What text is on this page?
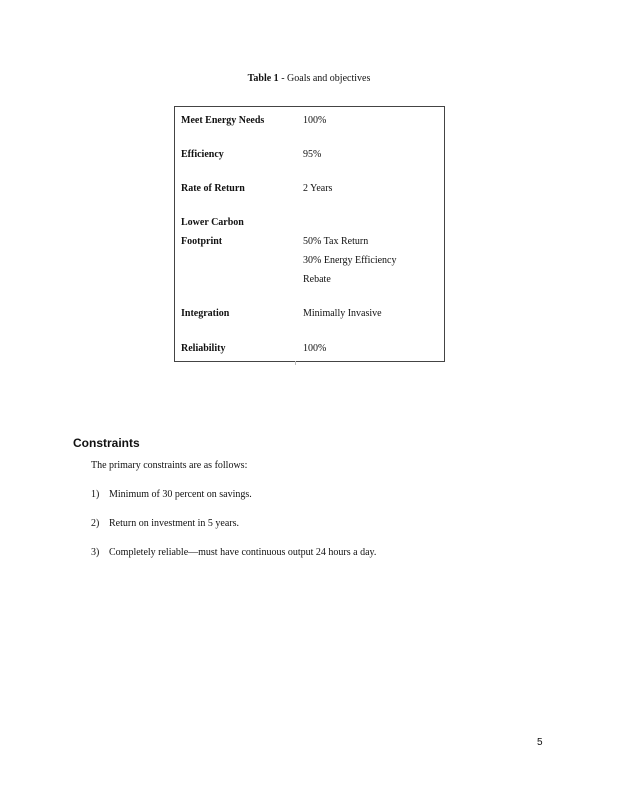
Table 1 - Goals and objectives
Meet Energy Needs	100%
Efficiency	95%
Rate of Return	2 Years
Lower Carbon
Footprint	50% Tax Return
30% Energy Efficiency
Rebate
Integration	Minimally Invasive
Reliability	100%
Constraints
The primary constraints are as follows:
1) Minimum of 30 percent on savings.
2) Return on investment in 5 years.
3) Completely reliable—must have continuous output 24 hours a day.
5
